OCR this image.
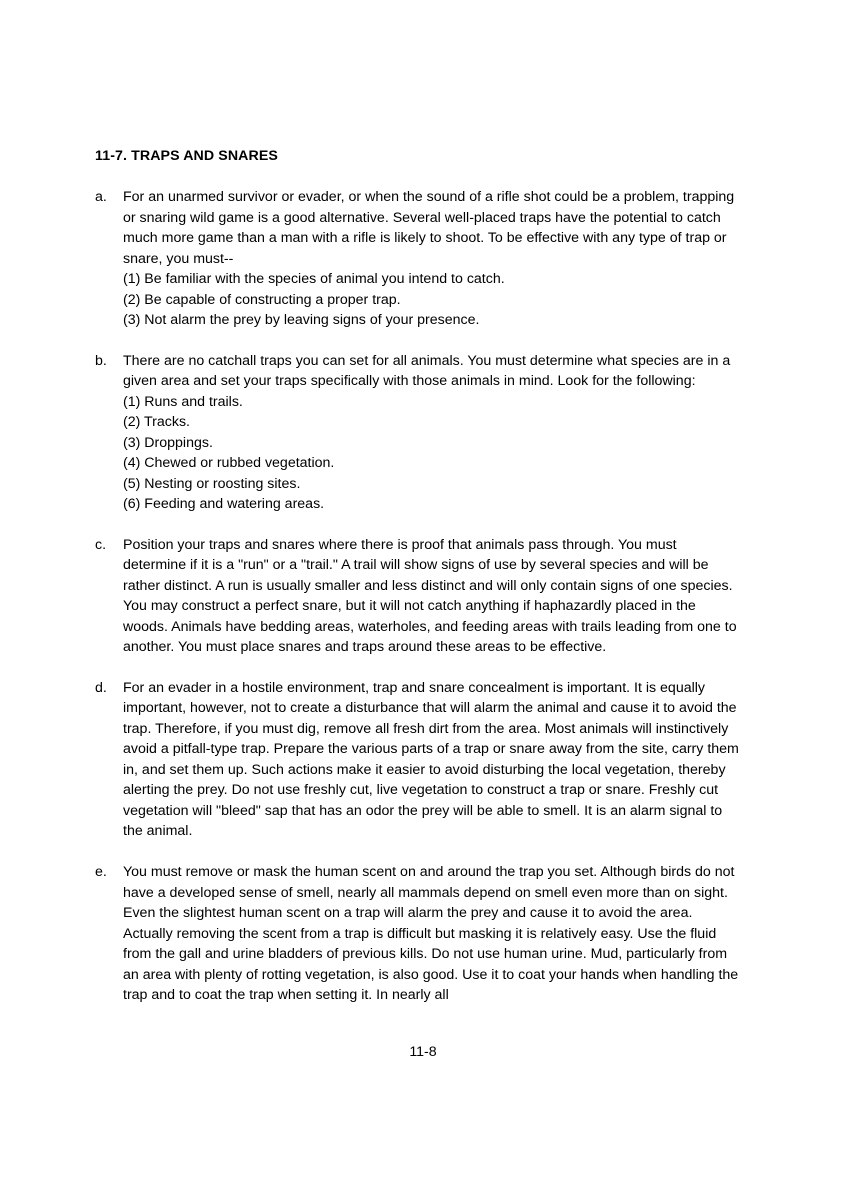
11-7. TRAPS AND SNARES
a.	For an unarmed survivor or evader, or when the sound of a rifle shot could be a problem, trapping or snaring wild game is a good alternative. Several well-placed traps have the potential to catch much more game than a man with a rifle is likely to shoot. To be effective with any type of trap or snare, you must--
(1) Be familiar with the species of animal you intend to catch.
(2) Be capable of constructing a proper trap.
(3) Not alarm the prey by leaving signs of your presence.
b.	There are no catchall traps you can set for all animals. You must determine what species are in a given area and set your traps specifically with those animals in mind. Look for the following:
(1) Runs and trails.
(2) Tracks.
(3) Droppings.
(4) Chewed or rubbed vegetation.
(5) Nesting or roosting sites.
(6) Feeding and watering areas.
c.	Position your traps and snares where there is proof that animals pass through. You must determine if it is a "run" or a "trail." A trail will show signs of use by several species and will be rather distinct. A run is usually smaller and less distinct and will only contain signs of one species. You may construct a perfect snare, but it will not catch anything if haphazardly placed in the woods. Animals have bedding areas, waterholes, and feeding areas with trails leading from one to another. You must place snares and traps around these areas to be effective.
d.	For an evader in a hostile environment, trap and snare concealment is important. It is equally important, however, not to create a disturbance that will alarm the animal and cause it to avoid the trap. Therefore, if you must dig, remove all fresh dirt from the area. Most animals will instinctively avoid a pitfall-type trap. Prepare the various parts of a trap or snare away from the site, carry them in, and set them up. Such actions make it easier to avoid disturbing the local vegetation, thereby alerting the prey. Do not use freshly cut, live vegetation to construct a trap or snare. Freshly cut vegetation will "bleed" sap that has an odor the prey will be able to smell. It is an alarm signal to the animal.
e.	You must remove or mask the human scent on and around the trap you set. Although birds do not have a developed sense of smell, nearly all mammals depend on smell even more than on sight. Even the slightest human scent on a trap will alarm the prey and cause it to avoid the area. Actually removing the scent from a trap is difficult but masking it is relatively easy. Use the fluid from the gall and urine bladders of previous kills. Do not use human urine. Mud, particularly from an area with plenty of rotting vegetation, is also good. Use it to coat your hands when handling the trap and to coat the trap when setting it. In nearly all
11-8
